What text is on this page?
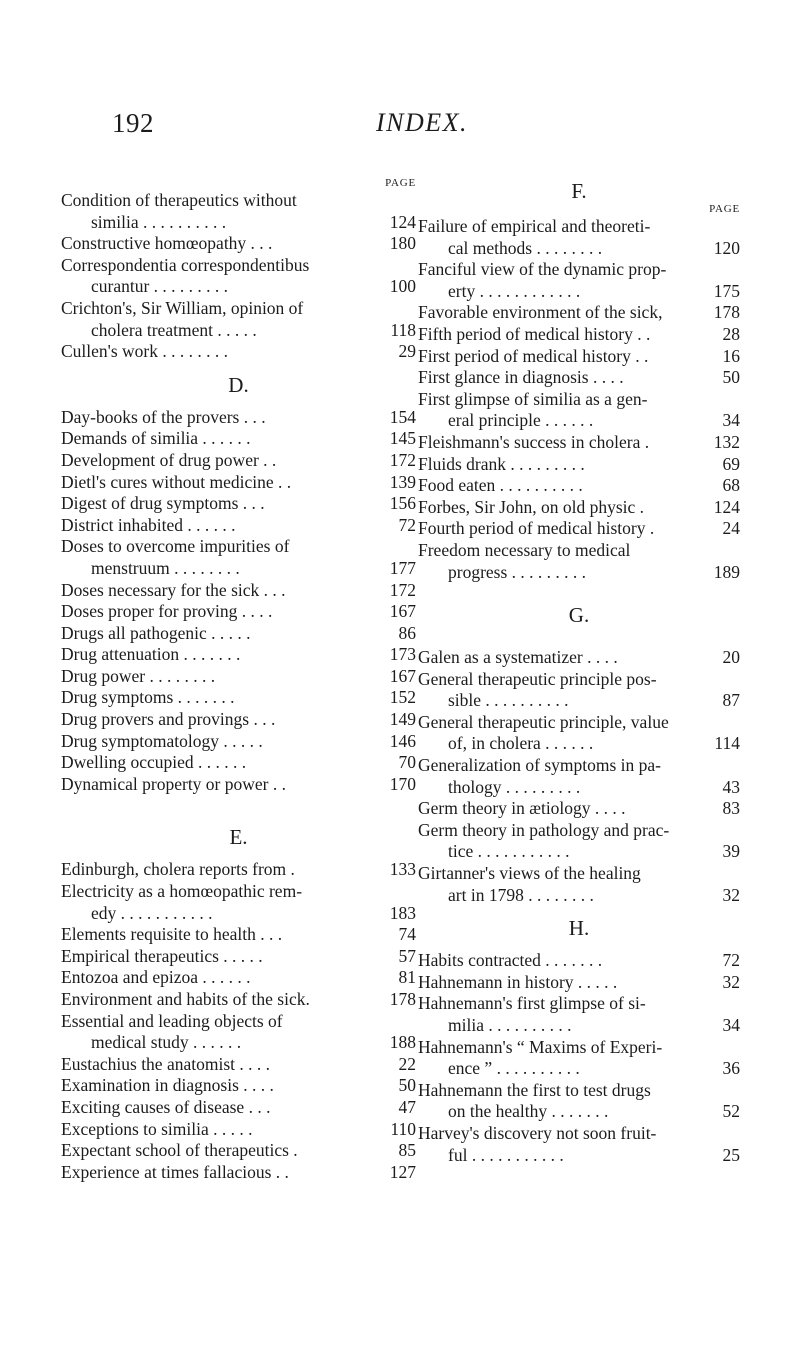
192	INDEX.
PAGE
Condition of therapeutics without
similia . . . . . . . . . .	124
Constructive homœopathy . . .	180
Correspondentia correspondentibus
curantur . . . . . . . . .	100
Crichton's, Sir William, opinion of
cholera treatment . . . . .	118
Cullen's work . . . . . . . .	29
D.
Day-books of the provers . . .	154
Demands of similia . . . . . .	145
Development of drug power . .	172
Dietl's cures without medicine . .	139
Digest of drug symptoms . . .	156
District inhabited . . . . . .	72
Doses to overcome impurities of
menstruum . . . . . . . .	177
Doses necessary for the sick . . .	172
Doses proper for proving . . . .	167
Drugs all pathogenic . . . . .	86
Drug attenuation . . . . . . .	173
Drug power . . . . . . . .	167
Drug symptoms . . . . . . .	152
Drug provers and provings . . .	149
Drug symptomatology . . . . .	146
Dwelling occupied . . . . . .	70
Dynamical property or power . .	170
E.
Edinburgh, cholera reports from .	133
Electricity as a homœopathic rem-
edy . . . . . . . . . . .	183
Elements requisite to health . . .	74
Empirical therapeutics . . . . .	57
Entozoa and epizoa . . . . . .	81
Environment and habits of the sick.	178
Essential and leading objects of
medical study . . . . . .	188
Eustachius the anatomist . . . .	22
Examination in diagnosis . . . .	50
Exciting causes of disease . . .	47
Exceptions to similia . . . . .	110
Expectant school of therapeutics .	85
Experience at times fallacious . .	127
F.
PAGE
Failure of empirical and theoreti-
cal methods . . . . . . . .	120
Fanciful view of the dynamic prop-
erty . . . . . . . . . . . .	175
Favorable environment of the sick,	178
Fifth period of medical history . .	28
First period of medical history . .	16
First glance in diagnosis . . . .	50
First glimpse of similia as a gen-
eral principle . . . . . .	34
Fleishmann's success in cholera .	132
Fluids drank . . . . . . . . .	69
Food eaten . . . . . . . . . .	68
Forbes, Sir John, on old physic .	124
Fourth period of medical history .	24
Freedom necessary to medical
progress . . . . . . . . .	189
G.
Galen as a systematizer . . . .	20
General therapeutic principle pos-
sible . . . . . . . . . .	87
General therapeutic principle, value
of, in cholera . . . . . .	114
Generalization of symptoms in pa-
thology . . . . . . . . .	43
Germ theory in ætiology . . . .	83
Germ theory in pathology and prac-
tice . . . . . . . . . . .	39
Girtanner's views of the healing
art in 1798 . . . . . . . .	32
H.
Habits contracted . . . . . . .	72
Hahnemann in history . . . . .	32
Hahnemann's first glimpse of si-
milia . . . . . . . . . .	34
Hahnemann's “ Maxims of Experi-
ence ” . . . . . . . . . .	36
Hahnemann the first to test drugs
on the healthy . . . . . . .	52
Harvey's discovery not soon fruit-
ful . . . . . . . . . . .	25
